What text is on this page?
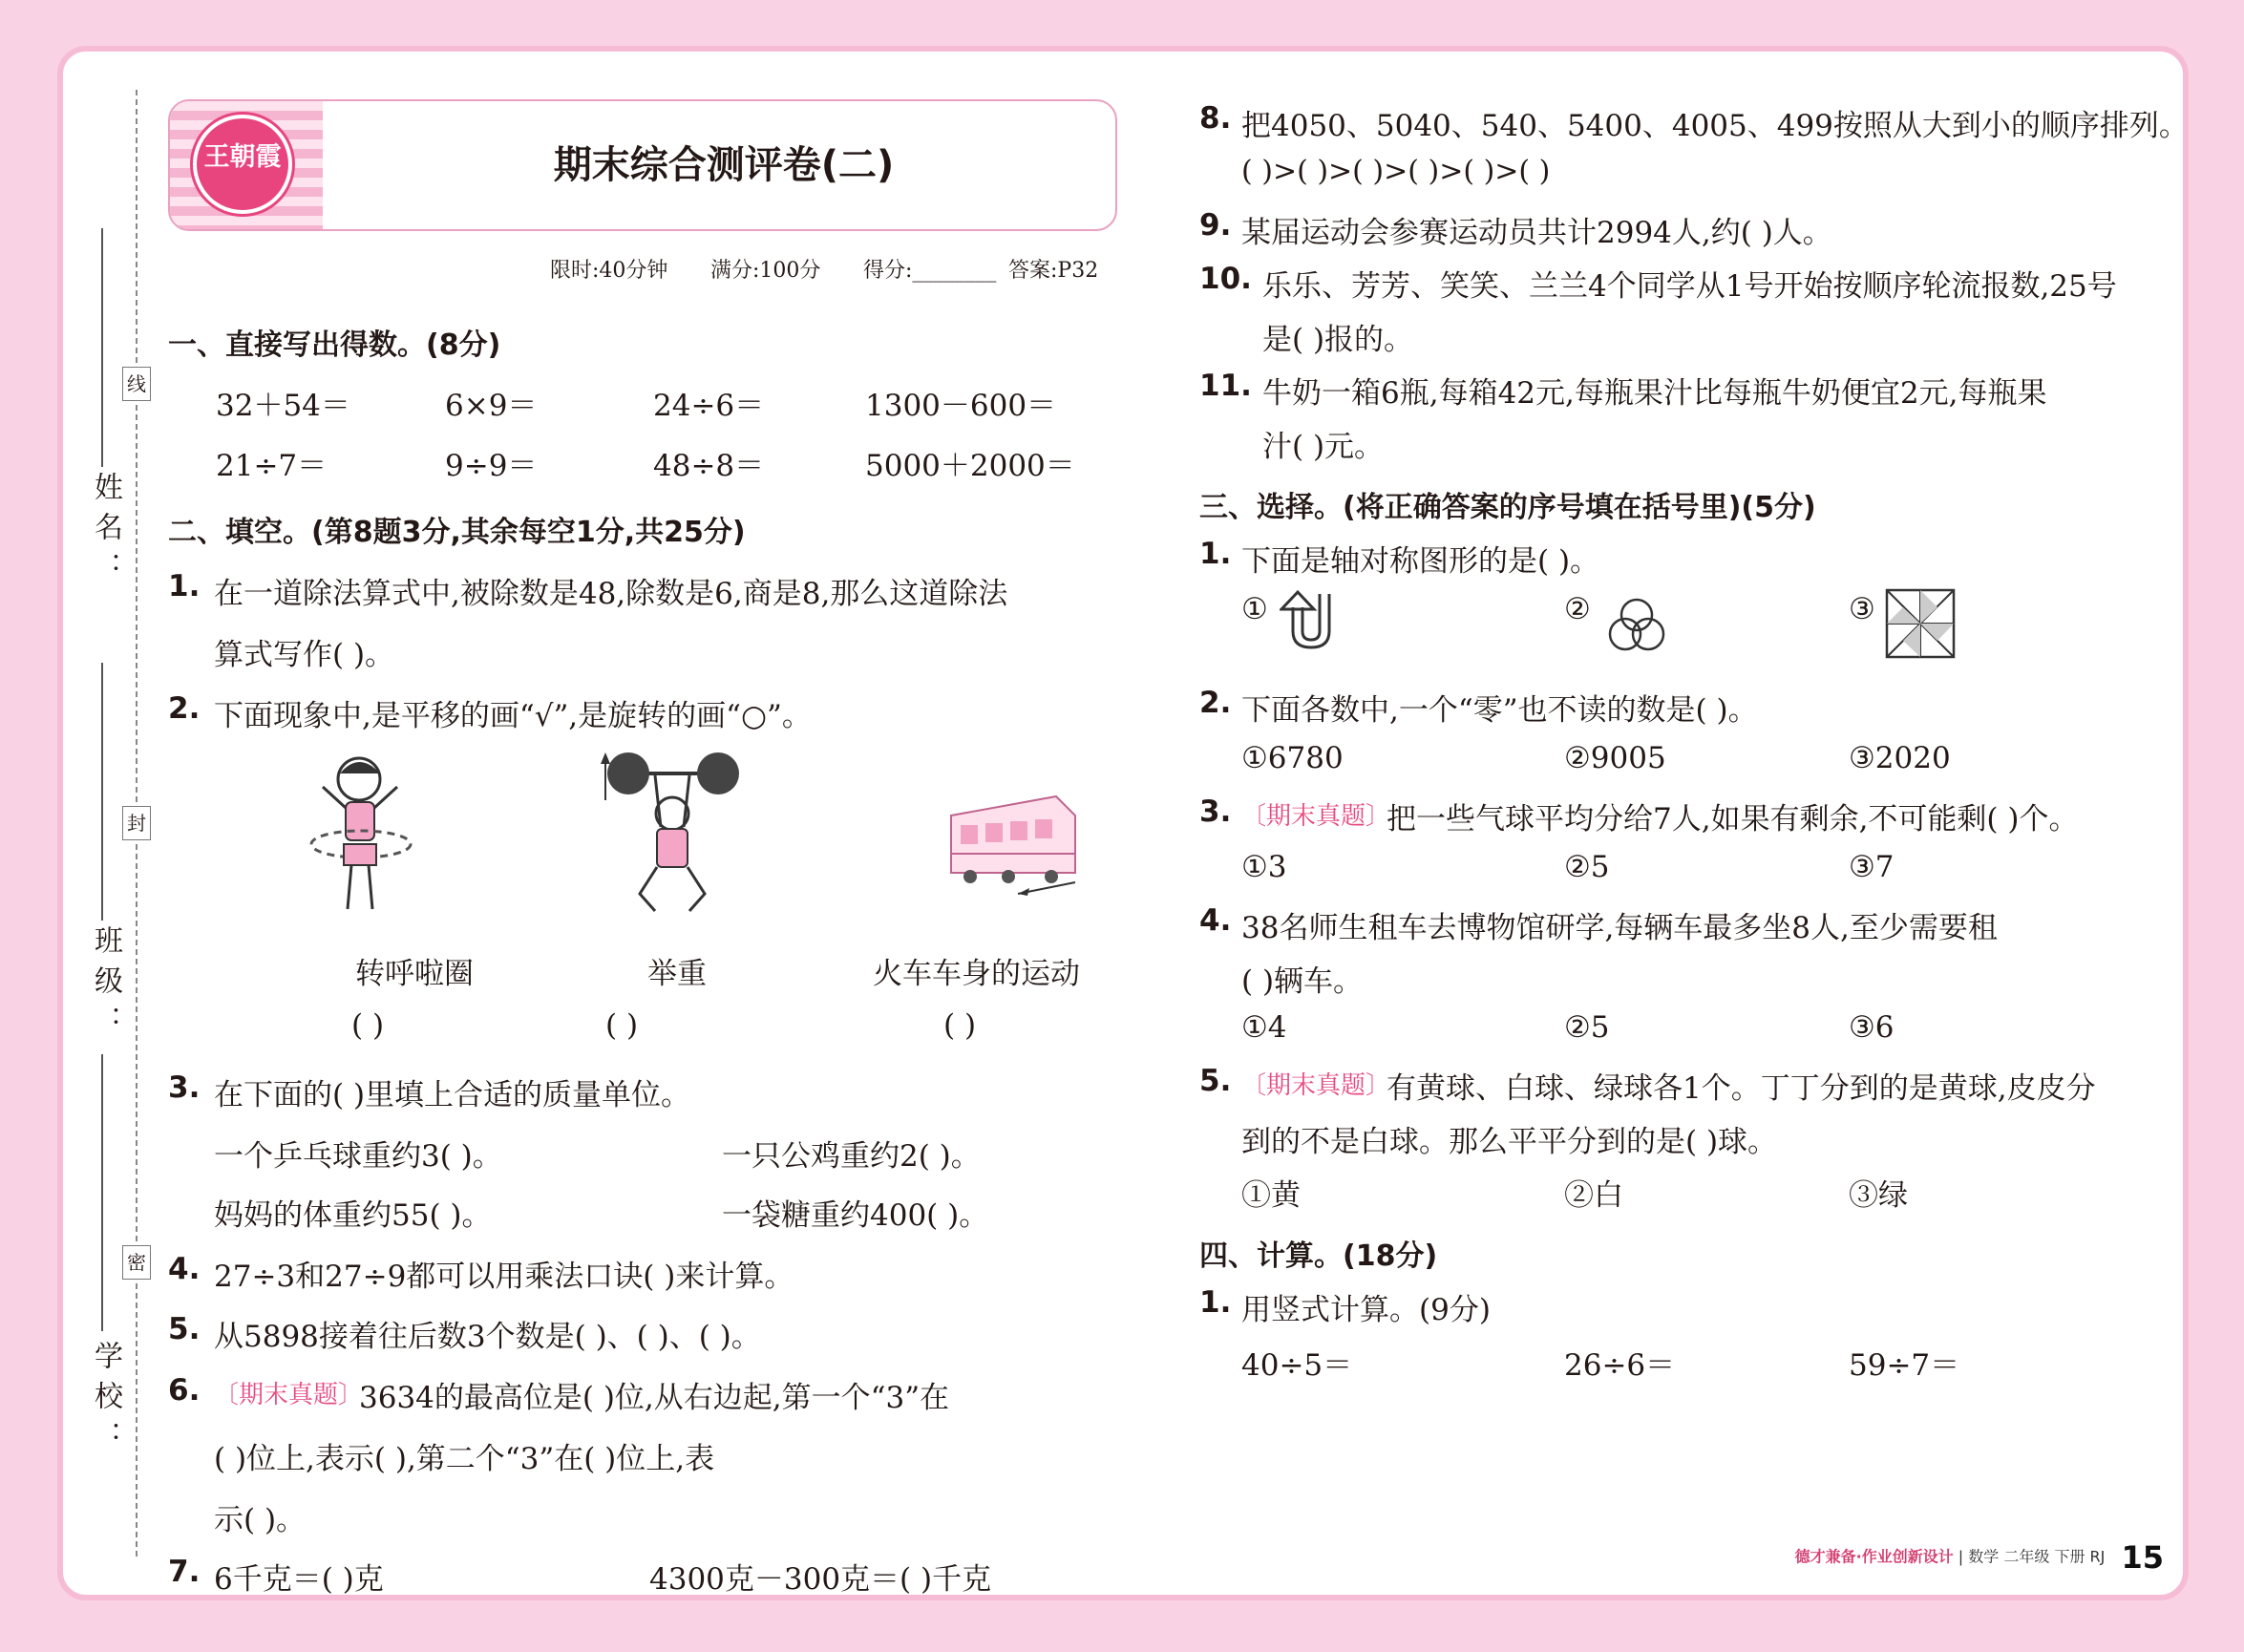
姓名：
班级：
学校：
线
封
密
王朝霞	期末综合测评卷(二)
限时:40分钟 满分:100分 得分:________ 答案:P32
一、直接写出得数。(8分)
32＋54＝	6×9＝	24÷6＝	1300－600＝
21÷7＝	9÷9＝	48÷8＝	5000＋2000＝
二、填空。(第8题3分,其余每空1分,共25分)
1. 在一道除法算式中,被除数是48,除数是6,商是8,那么这道除法
算式写作( )。
2. 下面现象中,是平移的画“√”,是旋转的画“○”。
转呼啦圈	举重	火车车身的运动
( )	( )	( )
3. 在下面的( )里填上合适的质量单位。
一个乒乓球重约3( )。	一只公鸡重约2( )。
妈妈的体重约55( )。	一袋糖重约400( )。
4. 27÷3和27÷9都可以用乘法口诀( )来计算。
5. 从5898接着往后数3个数是( )、( )、( )。
6. 〔期末真题〕
3634的最高位是( )位,从右边起,第一个“3”在
( )位上,表示( ),第二个“3”在( )位上,表
示( )。
7. 6千克＝( )克	4300克－300克＝( )千克
8. 把4050、5040、540、5400、4005、499按照从大到小的顺序排列。
( )>( )>( )>( )>( )>( )
9. 某届运动会参赛运动员共计2994人,约( )人。
10. 乐乐、芳芳、笑笑、兰兰4个同学从1号开始按顺序轮流报数,25号
是( )报的。
11. 牛奶一箱6瓶,每箱42元,每瓶果汁比每瓶牛奶便宜2元,每瓶果
汁( )元。
三、选择。(将正确答案的序号填在括号里)(5分)
1. 下面是轴对称图形的是( )。
①	②	③
2. 下面各数中,一个“零”也不读的数是( )。
①6780	②9005	③2020
3. 〔期末真题〕
把一些气球平均分给7人,如果有剩余,不可能剩( )个。
①3	②5	③7
4. 38名师生租车去博物馆研学,每辆车最多坐8人,至少需要租
( )辆车。
①4	②5	③6
5. 〔期末真题〕
有黄球、白球、绿球各1个。丁丁分到的是黄球,皮皮分
到的不是白球。那么平平分到的是( )球。
①黄	②白	③绿
四、计算。(18分)
1. 用竖式计算。(9分)
40÷5＝	26÷6＝	59÷7＝
德才兼备·作业创新设计 | 数学 二年级 下册 RJ 15
